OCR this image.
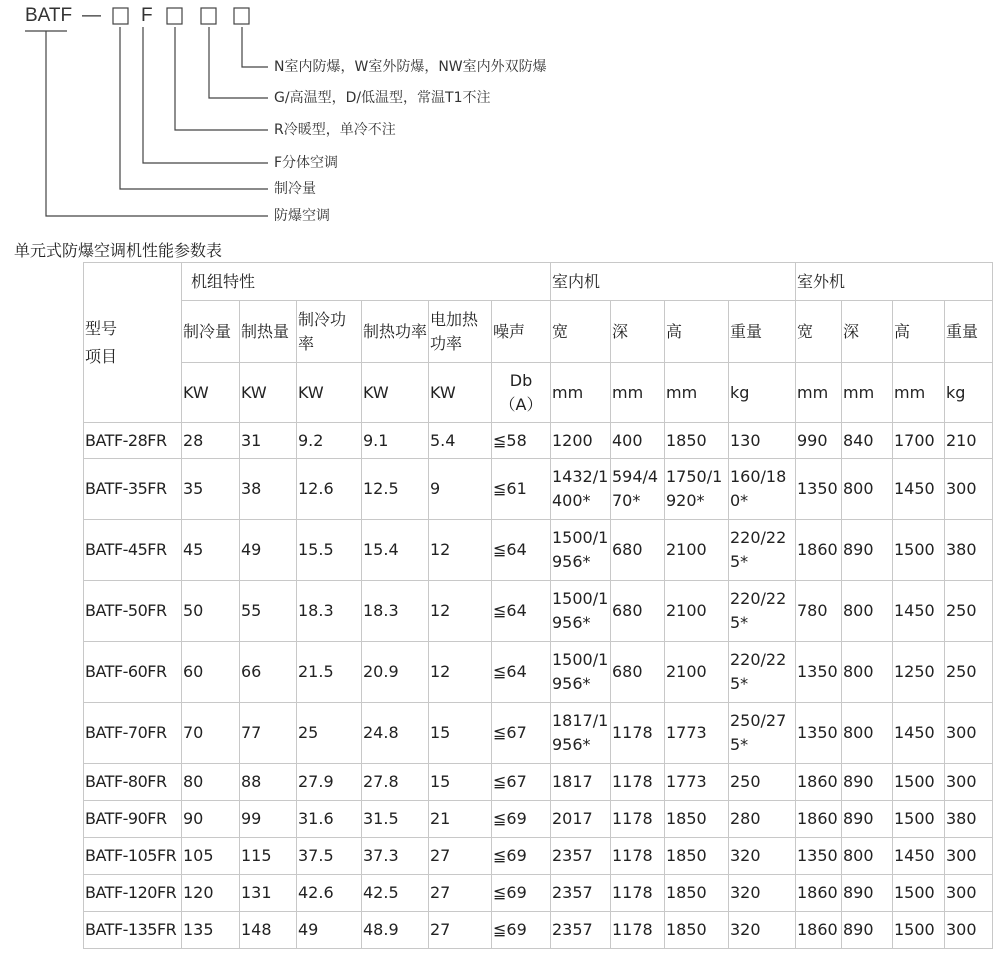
BATF — F
N室内防爆，W室外防爆，NW室内外双防爆
G/高温型，D/低温型，常温T1不注
R冷暖型，单冷不注
F分体空调
制冷量
防爆空调
单元式防爆空调机性能参数表
型号
项目	机组特性						室内机				室外机			
	制冷量	制热量	制冷功率	制热功率	电加热功率	噪声	宽	深	高	重量	宽	深	高	重量
	KW	KW	KW	KW	KW	Db（A）	mm	mm	mm	kg	mm	mm	mm	kg
BATF-28FR	28	31	9.2	9.1	5.4	≦58	1200	400	1850	130	990	840	1700	210
BATF-35FR	35	38	12.6	12.5	9	≦61	1432/1400*	594/470*	1750/1920*	160/180*	1350	800	1450	300
BATF-45FR	45	49	15.5	15.4	12	≦64	1500/1956*	680	2100	220/225*	1860	890	1500	380
BATF-50FR	50	55	18.3	18.3	12	≦64	1500/1956*	680	2100	220/225*	780	800	1450	250
BATF-60FR	60	66	21.5	20.9	12	≦64	1500/1956*	680	2100	220/225*	1350	800	1250	250
BATF-70FR	70	77	25	24.8	15	≦67	1817/1956*	1178	1773	250/275*	1350	800	1450	300
BATF-80FR	80	88	27.9	27.8	15	≦67	1817	1178	1773	250	1860	890	1500	300
BATF-90FR	90	99	31.6	31.5	21	≦69	2017	1178	1850	280	1860	890	1500	380
BATF-105FR	105	115	37.5	37.3	27	≦69	2357	1178	1850	320	1350	800	1450	300
BATF-120FR	120	131	42.6	42.5	27	≦69	2357	1178	1850	320	1860	890	1500	300
BATF-135FR	135	148	49	48.9	27	≦69	2357	1178	1850	320	1860	890	1500	300
